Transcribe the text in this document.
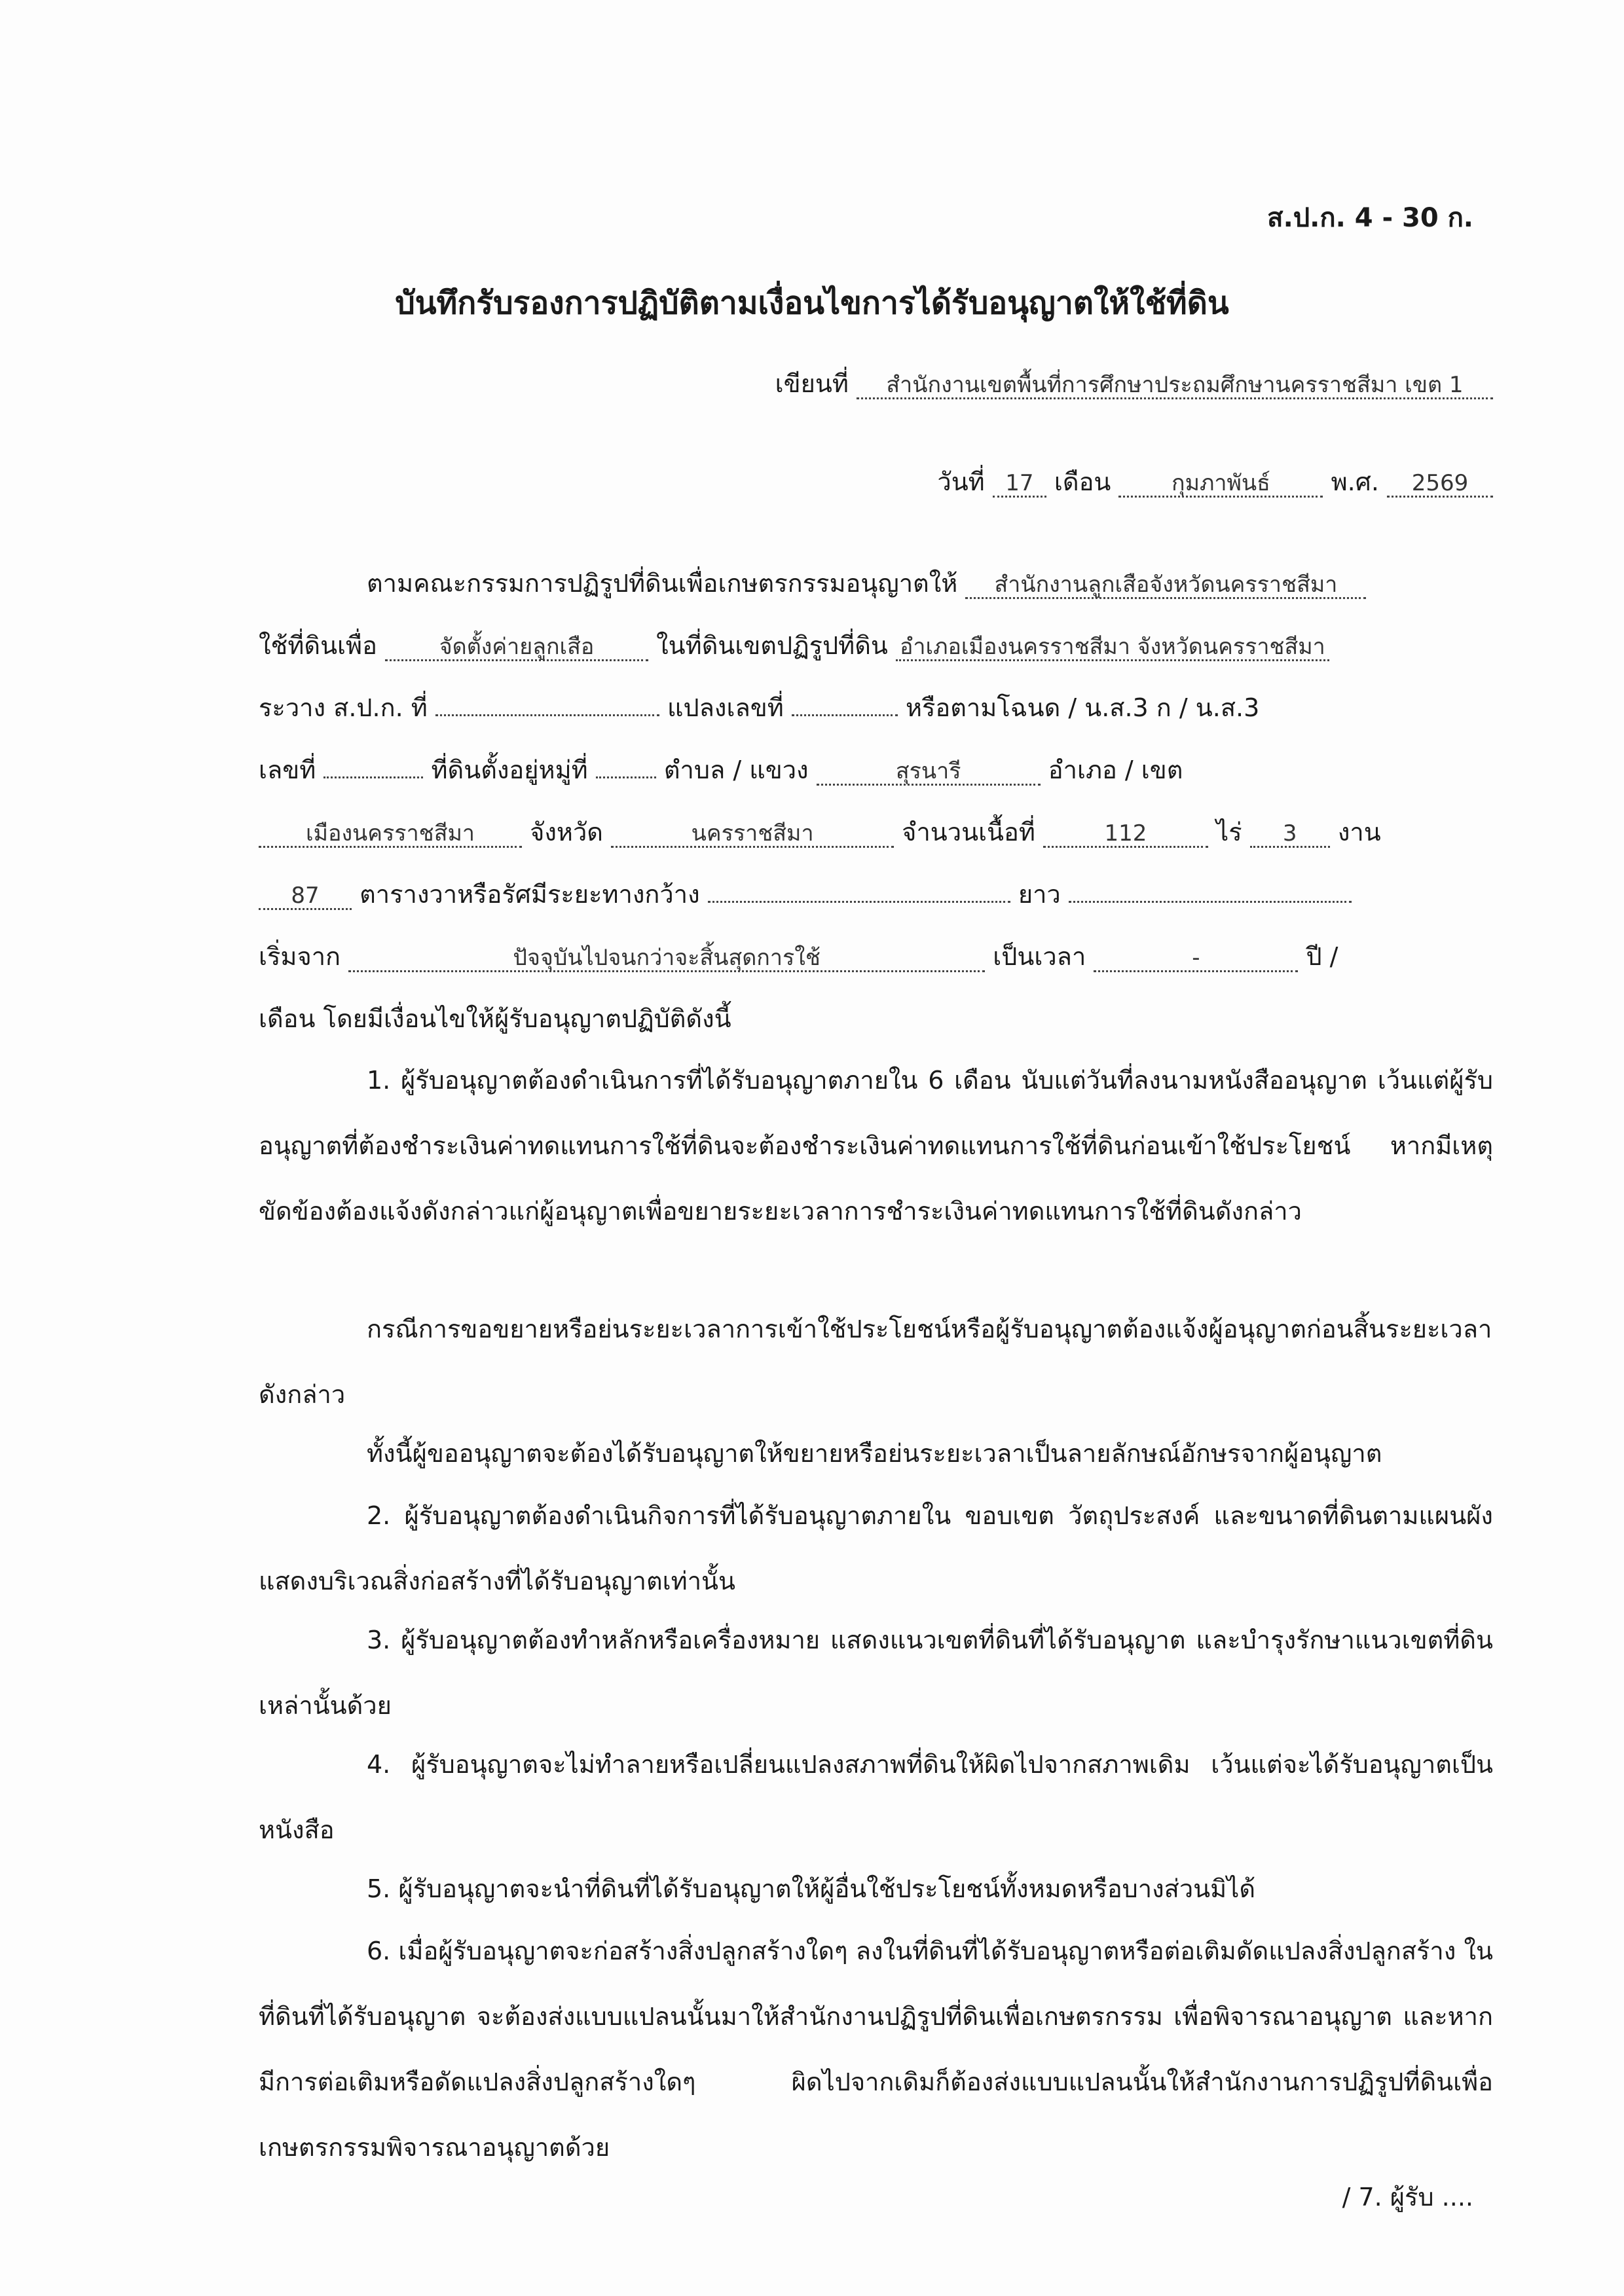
ส.ป.ก. 4 - 30 ก.
บันทึกรับรองการปฏิบัติตามเงื่อนไขการได้รับอนุญาตให้ใช้ที่ดิน
เขียนที่ สำนักงานเขตพื้นที่การศึกษาประถมศึกษานครราชสีมา เขต 1
วันที่ 17 เดือน	กุมภาพันธ์ พ.ศ. 2569
ตามคณะกรรมการปฏิรูปที่ดินเพื่อเกษตรกรรมอนุญาตให้ สำนักงานลูกเสือจังหวัดนครราชสีมา
ใช้ที่ดินเพื่อ	จัดตั้งค่ายลูกเสือ ในที่ดินเขตปฏิรูปที่ดิน อำเภอเมืองนครราชสีมา จังหวัดนครราชสีมา
ระวาง ส.ป.ก. ที่	แปลงเลขที่	หรือตามโฉนด / น.ส.3 ก / น.ส.3
เลขที่	ที่ดินตั้งอยู่หมู่ที่	ตำบล / แขวง	สุรนารี	อำเภอ / เขต
เมืองนครราชสีมา จังหวัด	นครราชสีมา	จำนวนเนื้อที่	112	ไร่ 3 งาน
87 ตารางวาหรือรัศมีระยะทางกว้าง	ยาว
เริ่มจาก	ปัจจุบันไปจนกว่าจะสิ้นสุดการใช้	เป็นเวลา	-	ปี /
เดือน โดยมีเงื่อนไขให้ผู้รับอนุญาตปฏิบัติดังนี้
1. ผู้รับอนุญาตต้องดำเนินการที่ได้รับอนุญาตภายใน 6 เดือน นับแต่วันที่ลงนามหนังสืออนุญาต เว้นแต่ผู้รับอนุญาตที่ต้องชำระเงินค่าทดแทนการใช้ที่ดินจะต้องชำระเงินค่าทดแทนการใช้ที่ดินก่อนเข้าใช้ประโยชน์ หากมีเหตุขัดข้องต้องแจ้งดังกล่าวแก่ผู้อนุญาตเพื่อขยายระยะเวลาการชำระเงินค่าทดแทนการใช้ที่ดินดังกล่าว
กรณีการขอขยายหรือย่นระยะเวลาการเข้าใช้ประโยชน์หรือผู้รับอนุญาตต้องแจ้งผู้อนุญาตก่อนสิ้นระยะเวลา ดังกล่าว
ทั้งนี้ผู้ขออนุญาตจะต้องได้รับอนุญาตให้ขยายหรือย่นระยะเวลาเป็นลายลักษณ์อักษรจากผู้อนุญาต
2. ผู้รับอนุญาตต้องดำเนินกิจการที่ได้รับอนุญาตภายใน ขอบเขต วัตถุประสงค์ และขนาดที่ดินตามแผนผังแสดงบริเวณสิ่งก่อสร้างที่ได้รับอนุญาตเท่านั้น
3. ผู้รับอนุญาตต้องทำหลักหรือเครื่องหมาย แสดงแนวเขตที่ดินที่ได้รับอนุญาต และบำรุงรักษาแนวเขตที่ดินเหล่านั้นด้วย
4. ผู้รับอนุญาตจะไม่ทำลายหรือเปลี่ยนแปลงสภาพที่ดินให้ผิดไปจากสภาพเดิม เว้นแต่จะได้รับอนุญาตเป็นหนังสือ
5. ผู้รับอนุญาตจะนำที่ดินที่ได้รับอนุญาตให้ผู้อื่นใช้ประโยชน์ทั้งหมดหรือบางส่วนมิได้
6. เมื่อผู้รับอนุญาตจะก่อสร้างสิ่งปลูกสร้างใดๆ ลงในที่ดินที่ได้รับอนุญาตหรือต่อเติมดัดแปลงสิ่งปลูกสร้าง ในที่ดินที่ได้รับอนุญาต จะต้องส่งแบบแปลนนั้นมาให้สำนักงานปฏิรูปที่ดินเพื่อเกษตรกรรม เพื่อพิจารณาอนุญาต และหากมีการต่อเติมหรือดัดแปลงสิ่งปลูกสร้างใดๆ ผิดไปจากเดิมก็ต้องส่งแบบแปลนนั้นให้สำนักงานการปฏิรูปที่ดินเพื่อเกษตรกรรมพิจารณาอนุญาตด้วย
/ 7. ผู้รับ ....
